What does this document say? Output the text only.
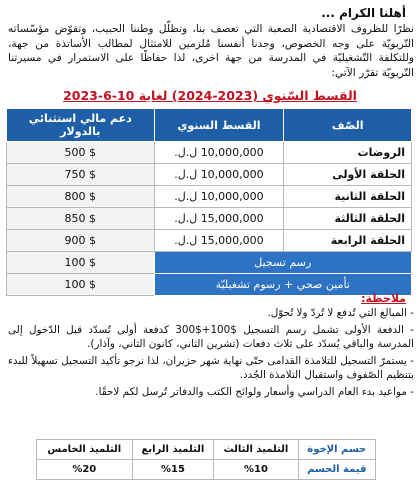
أهلنا الكرام ...
نظرًا للظروف الاقتصادية الصعبة التي تعصف بنا، وتظلّل وطننا الحبيب، وتقوّض مؤسّساته التّربويّة على وجه الخصوص، وجدنا أنفسنا مُلزمين للامتثال لمطالب الأساتذة من جهة، وللتكلفة التّشغيليّة في المدرسة من جهة اخرى، لذا حفاظًا على الاستمرار في مسيرتنا التّربويّة تقرّر الآتي:
القسط السّنوي (2023-2024) لغاية 10-6-2023
الصّف	القسط السنوي	دعم مالي استثنائي بالدولار
الروضات	10,000,000 ل.ل.	$ 500
الحلقة الأولى	10,000,000 ل.ل.	$ 750
الحلقة الثانية	10,000,000 ل.ل.	$ 800
الحلقة الثالثة	15,000,000 ل.ل.	$ 850
الحلقة الرابعة	15,000,000 ل.ل.	$ 900
رسم تسجيل		$ 100
تأمين صحي + رسوم تشغيليّة		$ 100
ملاحظة:
- المبالغ التي تُدفع لا تُردّ ولا تُحوّل.
- الدفعة الأولى تشمل رسم التسجيل $100+$300 كدفعة أولى تُسدّد قبل الدّخول إلى المدرسة والباقي يُسدّد على ثلاث دفعات (تشرين الثاني، كانون الثاني، وآذار).
- يستمرّ التسجيل للتلامذة القدامى حتّى نهاية شهر حزيران، لذا نرجو تأكيد التسجيل تسهيلاً للبدء بتنظيم الصّفوف واستقبال التلامذة الجُدد.
- مواعيد بدء العام الدراسي وأسعار ولوائح الكتب والدفاتر تُرسل لكم لاحقًا.
حسم الإخوة	التلميذ الثالث	التلميذ الرابع	التلميذ الخامس
قيمة الحسم	%10	%15	%20
